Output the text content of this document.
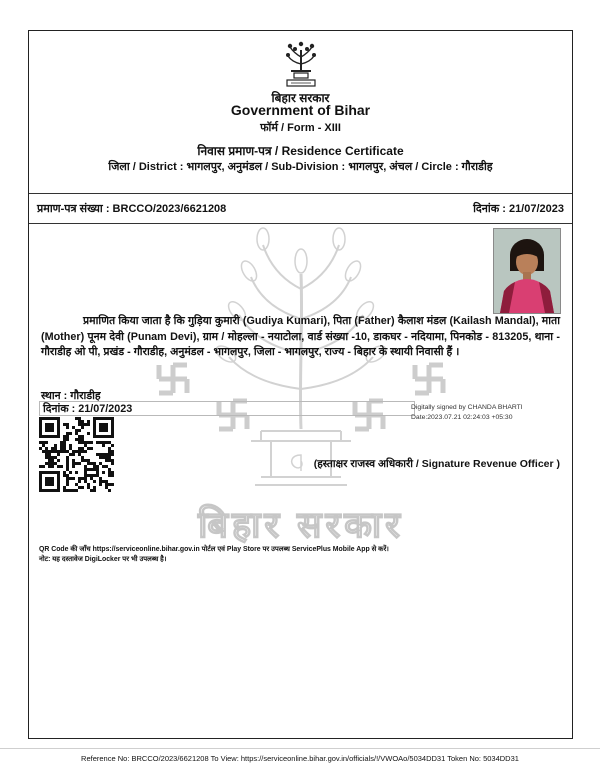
बिहार सरकार
बिहार सरकार
Government of Bihar
फॉर्म / Form - XIII
निवास प्रमाण-पत्र / Residence Certificate
जिला / District : भागलपुर, अनुमंडल / Sub-Division : भागलपुर, अंचल / Circle : गौराडीह
प्रमाण-पत्र संख्या : BRCCO/2023/6621208	दिनांक : 21/07/2023

प्रमाणित किया जाता है कि गुड़िया कुमारी (Gudiya Kumari), पिता (Father) कैलाश मंडल (Kailash Mandal), माता (Mother) पूनम देवी (Punam Devi), ग्राम / मोहल्ला - नयाटोला, वार्ड संख्या -10, डाकघर - नदियामा, पिनकोड - 813205, थाना - गौराडीह ओ पी, प्रखंड - गौराडीह, अनुमंडल - भागलपुर, जिला - भागलपुर, राज्य - बिहार के स्थायी निवासी हैं ।

स्थान : गौराडीह
दिनांक : 21/07/2023	Digitally signed by CHANDA BHARTI
Date:2023.07.21 02:24:03 +05:30
(हस्ताक्षर राजस्व अधिकारी / Signature Revenue Officer )
QR Code की जाँच https://serviceonline.bihar.gov.in पोर्टल एवं Play Store पर उपलब्ध ServicePlus Mobile App से करें।
नोट: यह दस्तावेज DigiLocker पर भी उपलब्ध है।
Reference No: BRCCO/2023/6621208 To View: https://serviceonline.bihar.gov.in/officials/!/VWOAo/5034DD31 Token No: 5034DD31
